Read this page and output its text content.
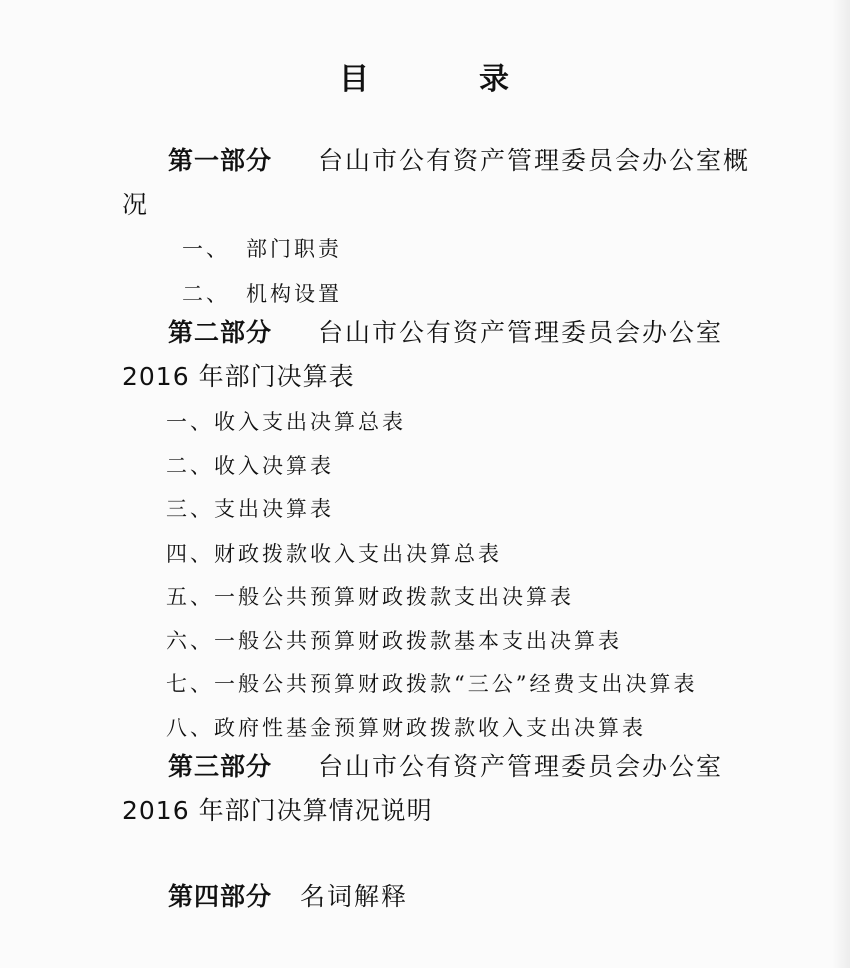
目	录
第一部分 台山市公有资产管理委员会办公室概
况
一、 部门职责
二、 机构设置
第二部分 台山市公有资产管理委员会办公室
2016 年部门决算表
一、收入支出决算总表
二、收入决算表
三、支出决算表
四、财政拨款收入支出决算总表
五、一般公共预算财政拨款支出决算表
六、一般公共预算财政拨款基本支出决算表
七、一般公共预算财政拨款“三公”经费支出决算表
八、政府性基金预算财政拨款收入支出决算表
第三部分 台山市公有资产管理委员会办公室
2016 年部门决算情况说明
第四部分 名词解释
